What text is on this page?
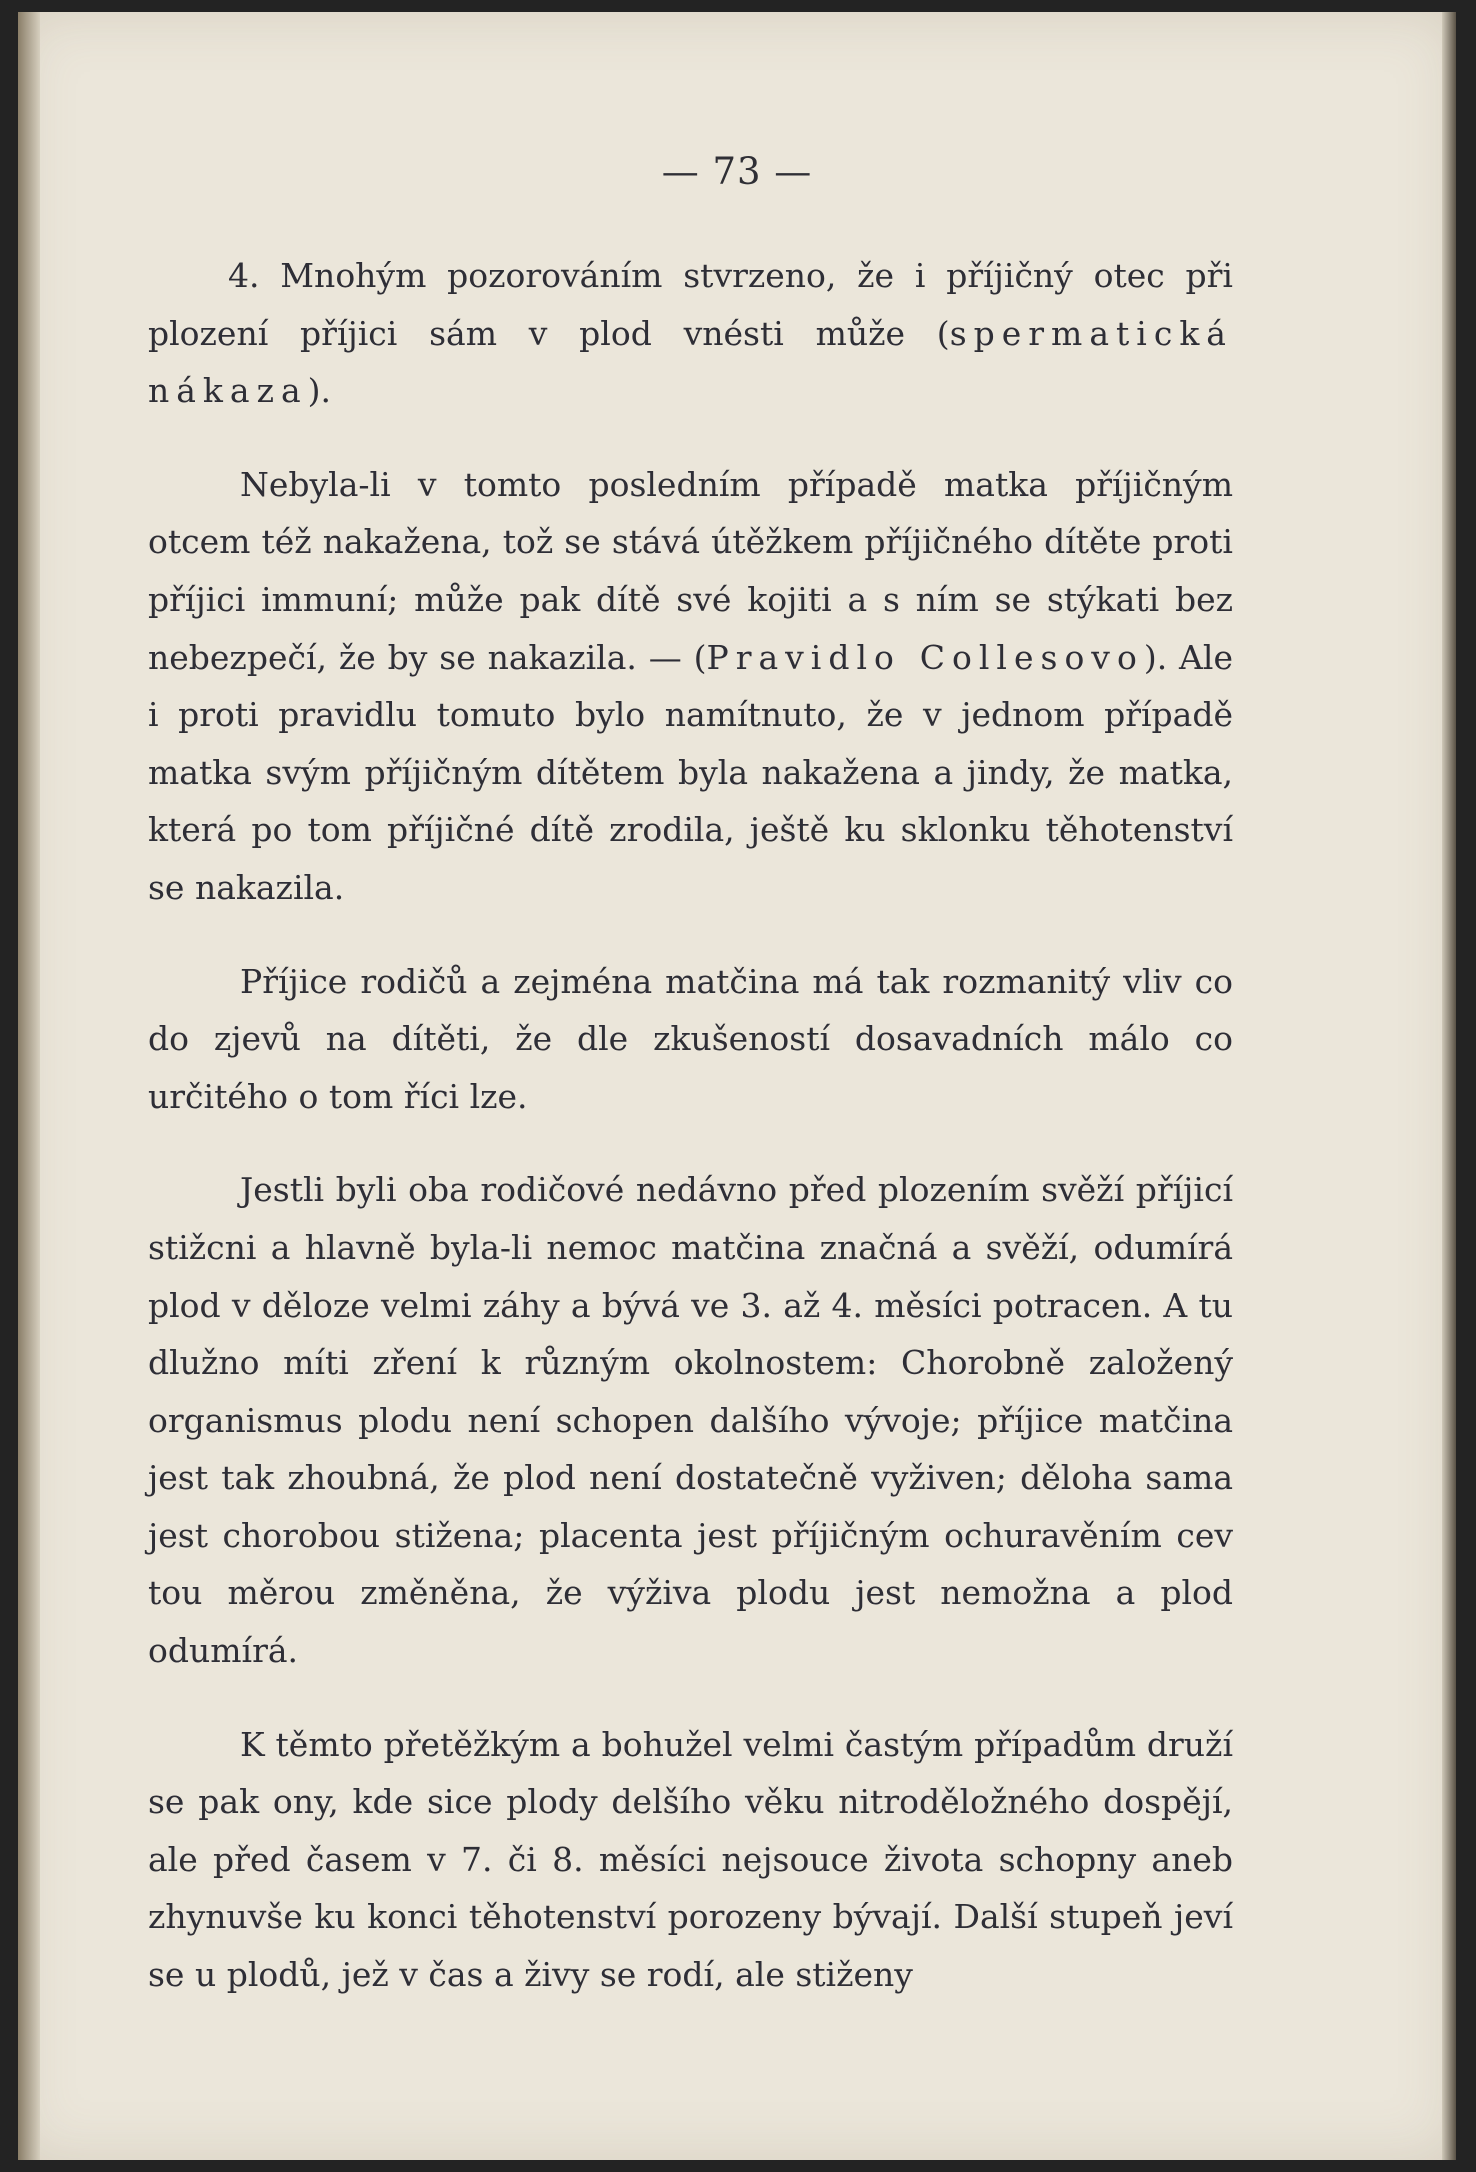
— 73 —

4. Mnohým pozorováním stvrzeno, že i příjičný otec při plození příjici sám v plod vnésti může (spermatická nákaza).

Nebyla-li v tomto posledním případě matka příjičným otcem též nakažena, tož se stává útěžkem příjičného dítěte proti příjici immuní; může pak dítě své kojiti a s ním se stýkati bez nebezpečí, že by se nakazila. — (Pravidlo Collesovo). Ale i proti pravidlu tomuto bylo namítnuto, že v jednom případě matka svým příjičným dítětem byla nakažena a jindy, že matka, která po tom příjičné dítě zrodila, ještě ku sklonku těhotenství se nakazila.

Příjice rodičů a zejména matčina má tak rozmanitý vliv co do zjevů na dítěti, že dle zkušeností dosavadních málo co určitého o tom říci lze.

Jestli byli oba rodičové nedávno před plozením svěží příjicí stižcni a hlavně byla-li nemoc matčina značná a svěží, odumírá plod v děloze velmi záhy a bývá ve 3. až 4. měsíci potracen. A tu dlužno míti zření k různým okolnostem: Chorobně založený organismus plodu není schopen dalšího vývoje; příjice matčina jest tak zhoubná, že plod není dostatečně vyživen; děloha sama jest chorobou stižena; placenta jest příjičným ochuravěním cev tou měrou změněna, že výživa plodu jest nemožna a plod odumírá.

K těmto přetěžkým a bohužel velmi častým případům druží se pak ony, kde sice plody delšího věku nitroděložného dospějí, ale před časem v 7. či 8. měsíci nejsouce života schopny aneb zhynuvše ku konci těhotenství porozeny bývají. Další stupeň jeví se u plodů, jež v čas a živy se rodí, ale stiženy
